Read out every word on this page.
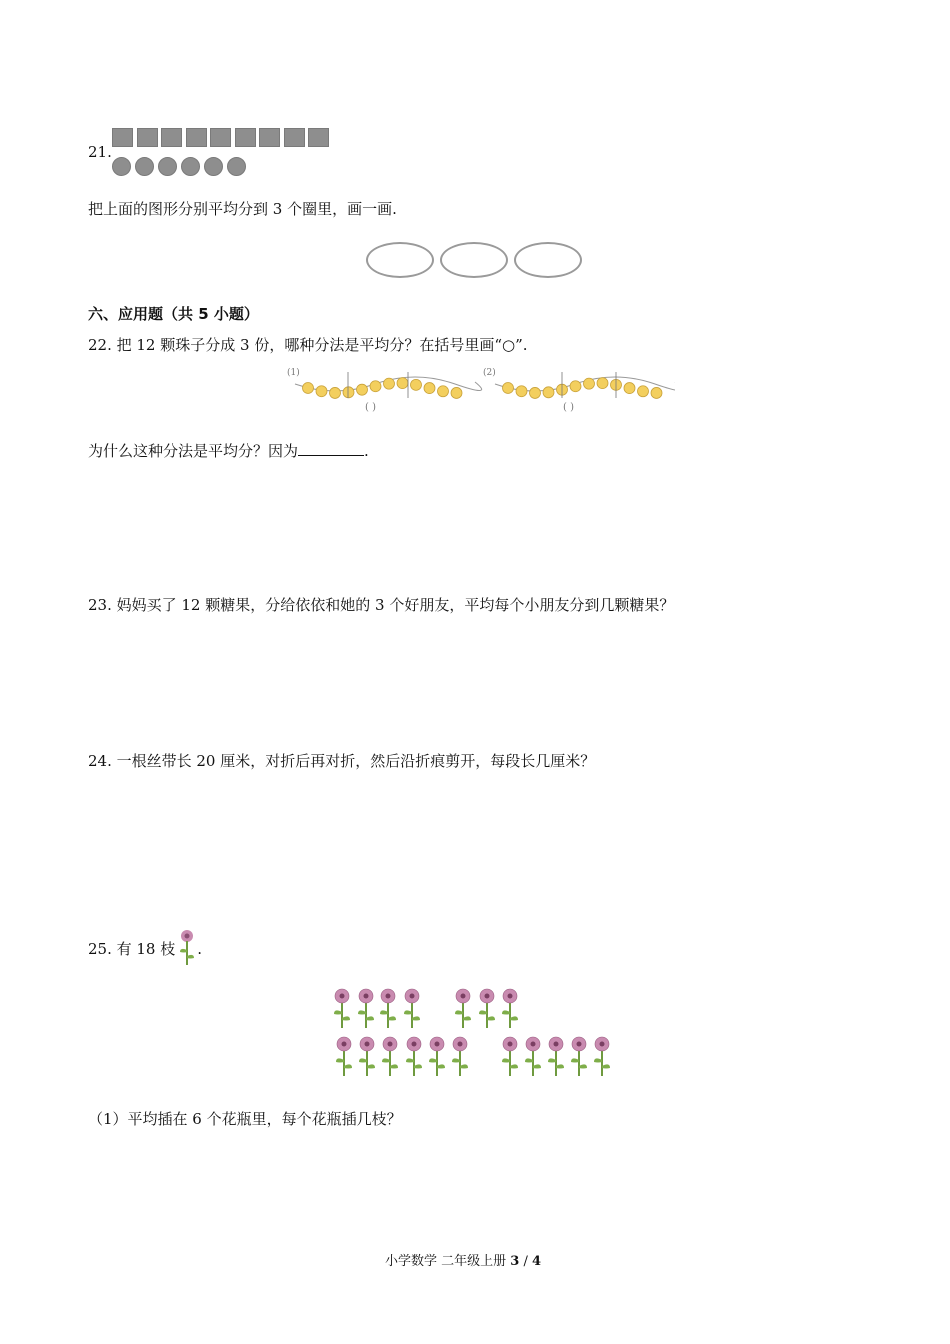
21.
把上面的图形分别平均分到 3 个圈里，画一画.
六、应用题（共 5 小题）
22. 把 12 颗珠子分成 3 份，哪种分法是平均分？在括号里画“○”.
(1)	(2)
( )	( )
为什么这种分法是平均分？因为	.
23. 妈妈买了 12 颗糖果，分给依依和她的 3 个好朋友，平均每个小朋友分到几颗糖果？
24. 一根丝带长 20 厘米，对折后再对折，然后沿折痕剪开，每段长几厘米？
25. 有 18 枝 .
（1）平均插在 6 个花瓶里，每个花瓶插几枝？
小学数学 二年级上册 3 / 4
